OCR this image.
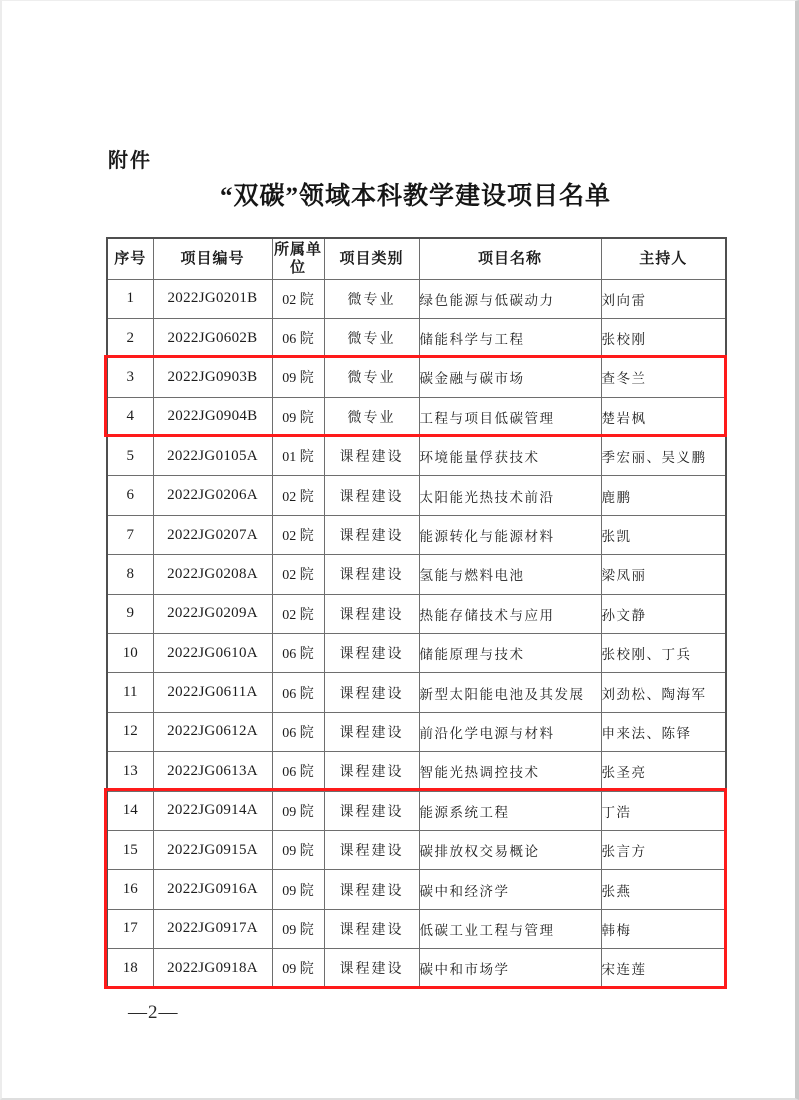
附件
“双碳”领域本科教学建设项目名单
序号	项目编号	所属单位	项目类别	项目名称	主持人
1	2022JG0201B	02 院	微专业	绿色能源与低碳动力	刘向雷
2	2022JG0602B	06 院	微专业	储能科学与工程	张校刚
3	2022JG0903B	09 院	微专业	碳金融与碳市场	查冬兰
4	2022JG0904B	09 院	微专业	工程与项目低碳管理	楚岩枫
5	2022JG0105A	01 院	课程建设	环境能量俘获技术	季宏丽、吴义鹏
6	2022JG0206A	02 院	课程建设	太阳能光热技术前沿	鹿鹏
7	2022JG0207A	02 院	课程建设	能源转化与能源材料	张凯
8	2022JG0208A	02 院	课程建设	氢能与燃料电池	梁凤丽
9	2022JG0209A	02 院	课程建设	热能存储技术与应用	孙文静
10	2022JG0610A	06 院	课程建设	储能原理与技术	张校刚、丁兵
11	2022JG0611A	06 院	课程建设	新型太阳能电池及其发展	刘劲松、陶海军
12	2022JG0612A	06 院	课程建设	前沿化学电源与材料	申来法、陈铎
13	2022JG0613A	06 院	课程建设	智能光热调控技术	张圣亮
14	2022JG0914A	09 院	课程建设	能源系统工程	丁浩
15	2022JG0915A	09 院	课程建设	碳排放权交易概论	张言方
16	2022JG0916A	09 院	课程建设	碳中和经济学	张燕
17	2022JG0917A	09 院	课程建设	低碳工业工程与管理	韩梅
18	2022JG0918A	09 院	课程建设	碳中和市场学	宋连莲
—2—
